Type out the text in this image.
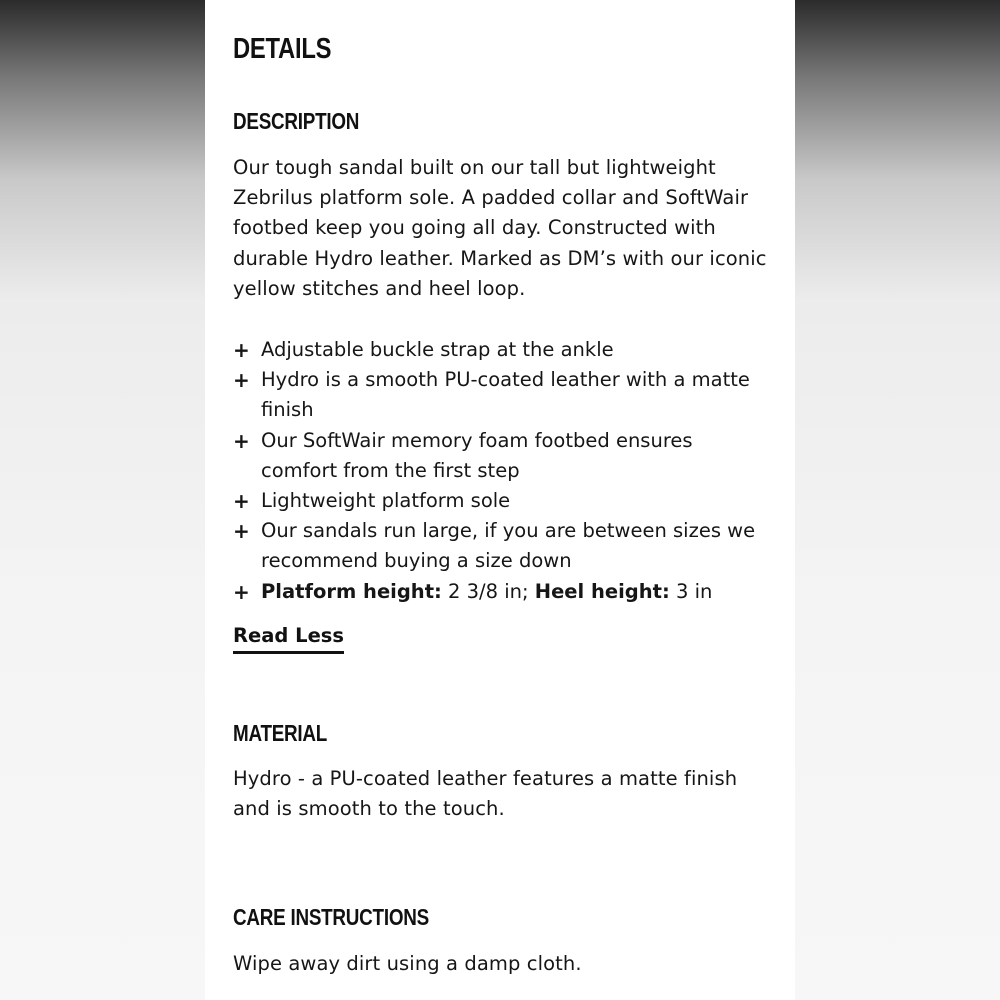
DETAILS
DESCRIPTION
Our tough sandal built on our tall but lightweight
Zebrilus platform sole. A padded collar and SoftWair
footbed keep you going all day. Constructed with
durable Hydro leather. Marked as DM’s with our iconic
yellow stitches and heel loop.
+ Adjustable buckle strap at the ankle
+ Hydro is a smooth PU-coated leather with a matte
finish
+ Our SoftWair memory foam footbed ensures
comfort from the first step
+ Lightweight platform sole
+ Our sandals run large, if you are between sizes we
recommend buying a size down
+ Platform height: 2 3/8 in; Heel height: 3 in
Read Less
MATERIAL
Hydro - a PU-coated leather features a matte finish
and is smooth to the touch.
CARE INSTRUCTIONS
Wipe away dirt using a damp cloth.
